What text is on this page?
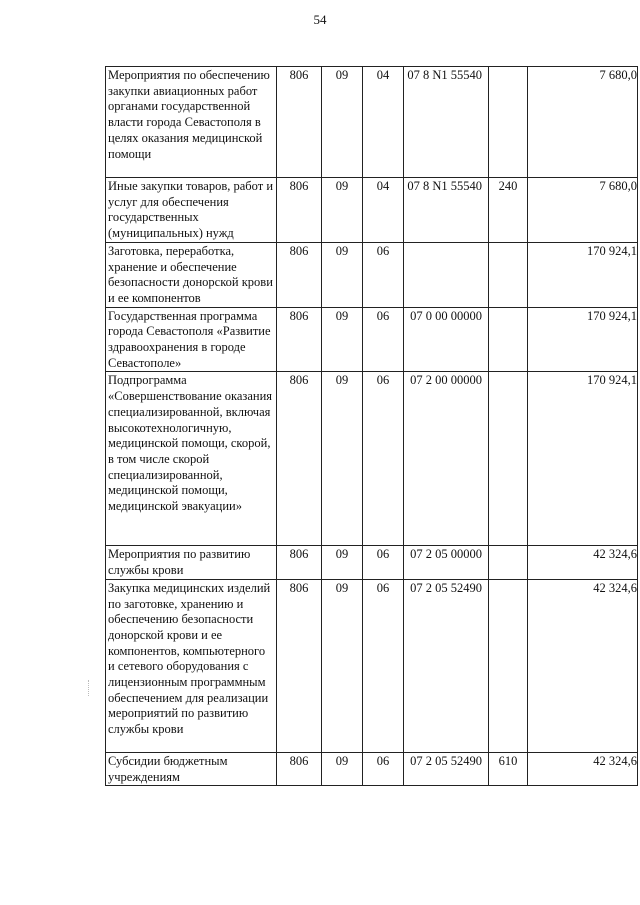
54
Мероприятия по обеспечению закупки авиационных работ органами государственной власти города Севастополя в целях оказания медицинской помощи	806	09	04	07 8 N1 55540		7 680,0
Иные закупки товаров, работ и услуг для обеспечения государственных (муниципальных) нужд	806	09	04	07 8 N1 55540	240	7 680,0
Заготовка, переработка, хранение и обеспечение безопасности донорской крови и ее компонентов	806	09	06			170 924,1
Государственная программа города Севастополя «Развитие здравоохранения в городе Севастополе»	806	09	06	07 0 00 00000		170 924,1
Подпрограмма «Совершенствование оказания специализированной, включая высокотехнологичную, медицинской помощи, скорой, в том числе скорой специализированной, медицинской помощи, медицинской эвакуации»	806	09	06	07 2 00 00000		170 924,1
Мероприятия по развитию службы крови	806	09	06	07 2 05 00000		42 324,6
Закупка медицинских изделий по заготовке, хранению и обеспечению безопасности донорской крови и ее компонентов, компьютерного и сетевого оборудования с лицензионным программным обеспечением для реализации мероприятий по развитию службы крови	806	09	06	07 2 05 52490		42 324,6
Субсидии бюджетным учреждениям	806	09	06	07 2 05 52490	610	42 324,6
